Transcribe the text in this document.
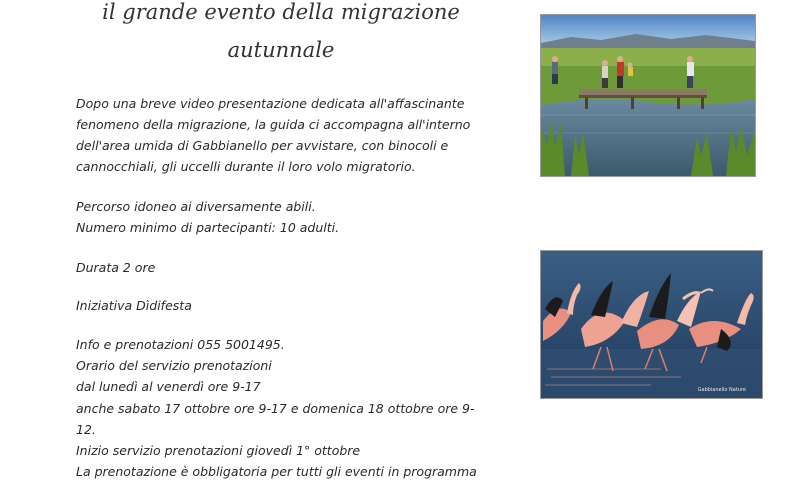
il grande evento della migrazione
autunnale

Dopo una breve video presentazione dedicata all'affascinante

fenomeno della migrazione, la guida ci accompagna all'interno

dell'area umida di Gabbianello per avvistare, con binocoli e

cannocchiali, gli uccelli durante il loro volo migratorio.

Percorso idoneo ai diversamente abili.

Numero minimo di partecipanti: 10 adulti.

Durata 2 ore

Iniziativa Dìdifesta

Info e prenotazioni 055 5001495.

Orario del servizio prenotazioni

dal lunedì al venerdì ore 9-17

anche sabato 17 ottobre ore 9-17 e domenica 18 ottobre ore 9-

12.

Inizio servizio prenotazioni giovedì 1° ottobre

La prenotazione è obbligatoria per tutti gli eventi in programma

Gabbianello Nature
